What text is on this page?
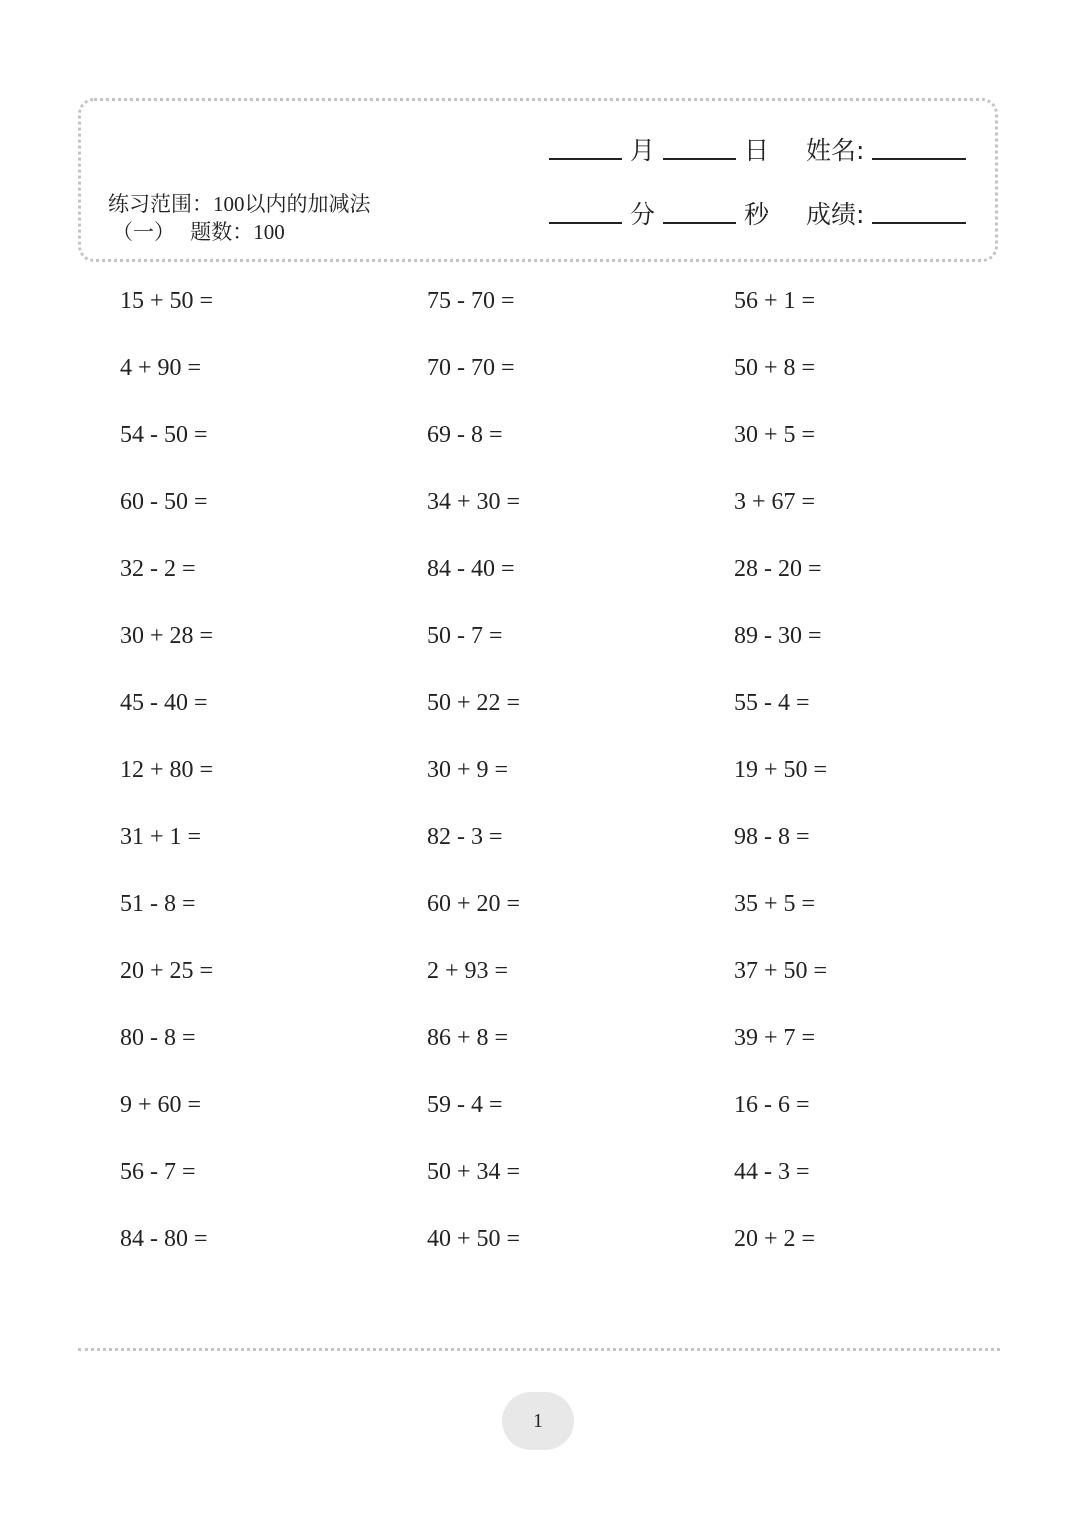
练习范围：100以内的加减法
（一） 题数：100
月	日 姓名:
分	秒 成绩:
15 + 50 =
4 + 90 =
54 - 50 =
60 - 50 =
32 - 2 =
30 + 28 =
45 - 40 =
12 + 80 =
31 + 1 =
51 - 8 =
20 + 25 =
80 - 8 =
9 + 60 =
56 - 7 =
84 - 80 =
75 - 70 =
70 - 70 =
69 - 8 =
34 + 30 =
84 - 40 =
50 - 7 =
50 + 22 =
30 + 9 =
82 - 3 =
60 + 20 =
2 + 93 =
86 + 8 =
59 - 4 =
50 + 34 =
40 + 50 =
56 + 1 =
50 + 8 =
30 + 5 =
3 + 67 =
28 - 20 =
89 - 30 =
55 - 4 =
19 + 50 =
98 - 8 =
35 + 5 =
37 + 50 =
39 + 7 =
16 - 6 =
44 - 3 =
20 + 2 =
1
